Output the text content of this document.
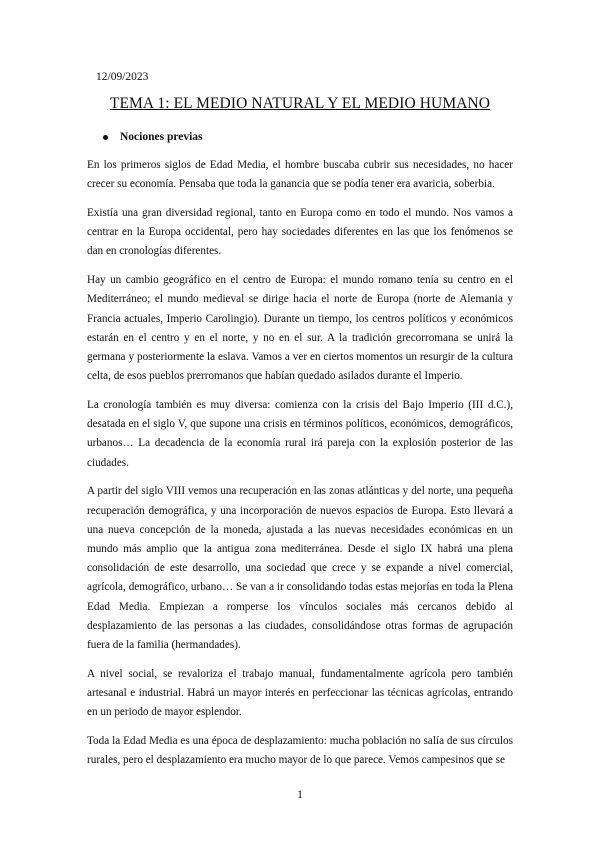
12/09/2023
TEMA 1: EL MEDIO NATURAL Y EL MEDIO HUMANO
Nociones previas

En los primeros siglos de Edad Media, el hombre buscaba cubrir sus necesidades, no hacer crecer su economía. Pensaba que toda la ganancia que se podía tener era avaricia, soberbia.

Existía una gran diversidad regional, tanto en Europa como en todo el mundo. Nos vamos a centrar en la Europa occidental, pero hay sociedades diferentes en las que los fenómenos se dan en cronologías diferentes.

Hay un cambio geográfico en el centro de Europa: el mundo romano tenía su centro en el Mediterráneo; el mundo medieval se dirige hacia el norte de Europa (norte de Alemania y Francia actuales, Imperio Carolingio). Durante un tiempo, los centros políticos y económicos estarán en el centro y en el norte, y no en el sur. A la tradición grecorromana se unirá la germana y posteriormente la eslava. Vamos a ver en ciertos momentos un resurgir de la cultura celta, de esos pueblos prerromanos que habían quedado asilados durante el Imperio.

La cronología también es muy diversa: comienza con la crisis del Bajo Imperio (III d.C.), desatada en el siglo V, que supone una crisis en términos políticos, económicos, demográficos, urbanos… La decadencia de la economía rural irá pareja con la explosión posterior de las ciudades.

A partir del siglo VIII vemos una recuperación en las zonas atlánticas y del norte, una pequeña recuperación demográfica, y una incorporación de nuevos espacios de Europa. Esto llevará a una nueva concepción de la moneda, ajustada a las nuevas necesidades económicas en un mundo más amplio que la antigua zona mediterránea. Desde el siglo IX habrá una plena consolidación de este desarrollo, una sociedad que crece y se expande a nivel comercial, agrícola, demográfico, urbano… Se van a ir consolidando todas estas mejorías en toda la Plena Edad Media. Empiezan a romperse los vínculos sociales más cercanos debido al desplazamiento de las personas a las ciudades, consolidándose otras formas de agrupación fuera de la familia (hermandades).

A nivel social, se revaloriza el trabajo manual, fundamentalmente agrícola pero también artesanal e industrial. Habrá un mayor interés en perfeccionar las técnicas agrícolas, entrando en un periodo de mayor esplendor.

Toda la Edad Media es una época de desplazamiento: mucha población no salía de sus círculos rurales, pero el desplazamiento era mucho mayor de lo que parece. Vemos campesinos que se

1
